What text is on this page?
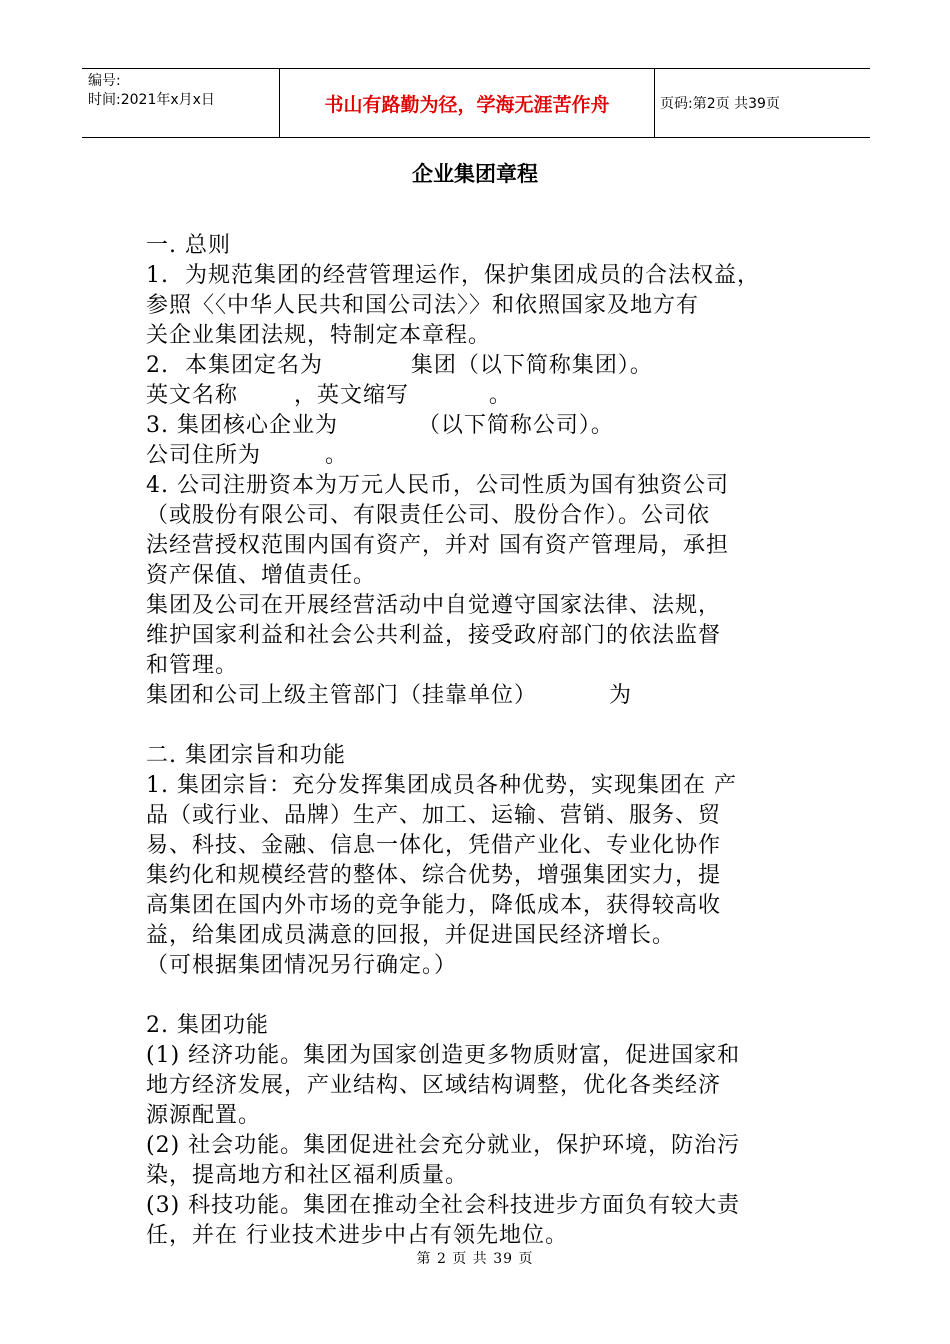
编号:
时间:2021年x月x日	书山有路勤为径，学海无涯苦作舟	页码:第2页 共39页
企业集团章程

一. 总则

1.  为规范集团的经营管理运作，保护集团成员的合法权益，

参照〈〈中华人民共和国公司法〉〉和依照国家及地方有

关企业集团法规，特制定本章程。

2.  本集团定名为           集团（以下简称集团）。

英文名称       ，英文缩写          。

3. 集团核心企业为          （以下简称公司）。

公司住所为        。

4. 公司注册资本为万元人民币，公司性质为国有独资公司

（或股份有限公司、有限责任公司、股份合作）。公司依

法经营授权范围内国有资产，并对 国有资产管理局，承担

资产保值、增值责任。

集团及公司在开展经营活动中自觉遵守国家法律、法规，

维护国家利益和社会公共利益，接受政府部门的依法监督

和管理。

集团和公司上级主管部门（挂靠单位）         为

二. 集团宗旨和功能

1. 集团宗旨：充分发挥集团成员各种优势，实现集团在 产

品（或行业、品牌）生产、加工、运输、营销、服务、贸

易、科技、金融、信息一体化，凭借产业化、专业化协作

集约化和规模经营的整体、综合优势，增强集团实力，提

高集团在国内外市场的竞争能力，降低成本，获得较高收

益，给集团成员满意的回报，并促进国民经济增长。

（可根据集团情况另行确定。）

2. 集团功能

(1) 经济功能。集团为国家创造更多物质财富，促进国家和

地方经济发展，产业结构、区域结构调整，优化各类经济

源源配置。

(2) 社会功能。集团促进社会充分就业，保护环境，防治污

染，提高地方和社区福利质量。

(3) 科技功能。集团在推动全社会科技进步方面负有较大责

任，并在 行业技术进步中占有领先地位。

第 2 页 共 39 页
